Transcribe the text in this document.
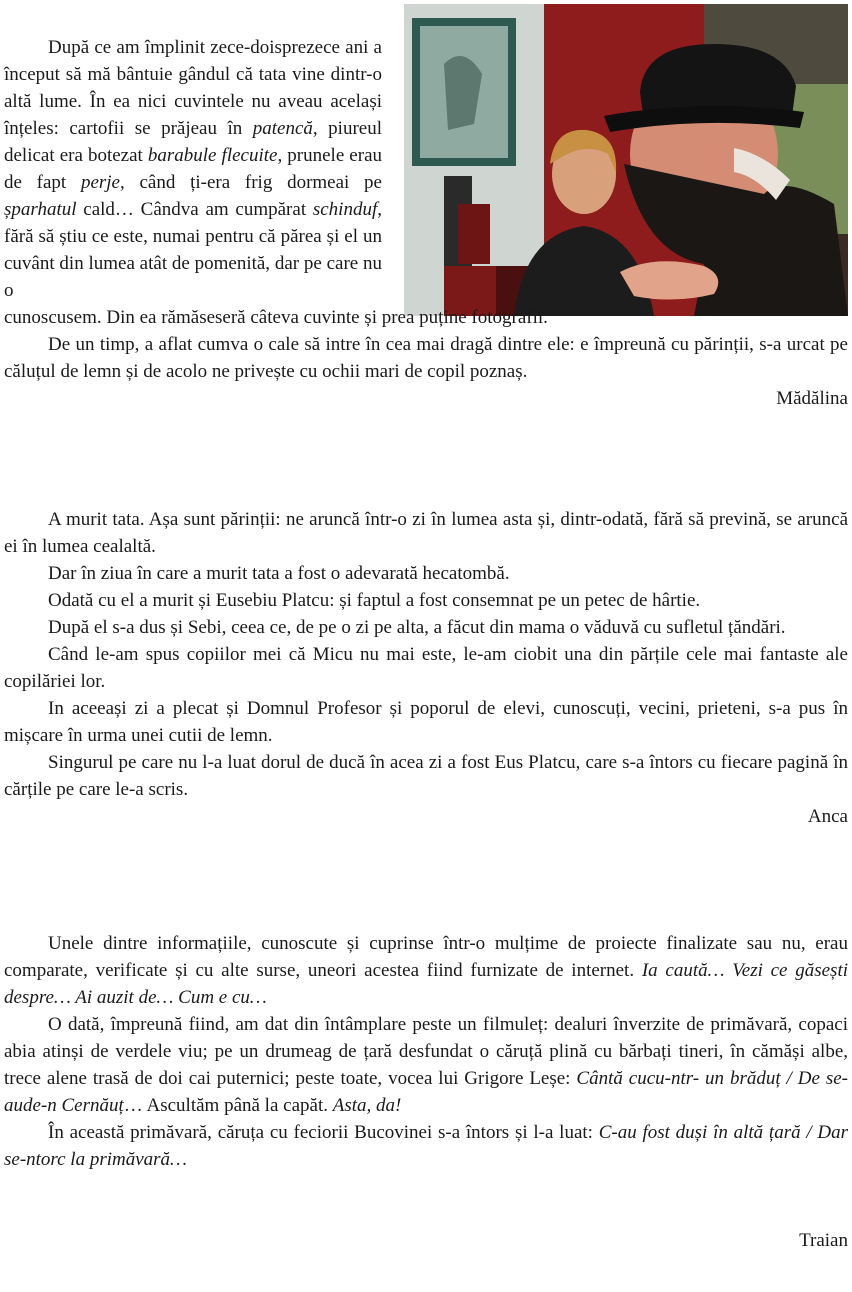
După ce am împlinit zece-doisprezece ani a început să mă bântuie gândul că tata vine dintr-o altă lume. În ea nici cuvintele nu aveau același înțeles: cartofii se prăjeau în patencă, piureul delicat era botezat barabule flecuite, prunele erau de fapt perje, când ți-era frig dormeai pe șparhatul cald… Cândva am cumpărat schinduf, fără să știu ce este, numai pentru că părea și el un cuvânt din lumea atât de pomenită, dar pe care nu o

cunoscusem. Din ea rămăseseră câteva cuvinte și prea puține fotografii.

De un timp, a aflat cumva o cale să intre în cea mai dragă dintre ele: e împreună cu părinții, s-a urcat pe căluțul de lemn și de acolo ne privește cu ochii mari de copil poznaș.

Mădălina

A murit tata. Așa sunt părinții: ne aruncă într-o zi în lumea asta și, dintr-odată, fără să prevină, se aruncă ei în lumea cealaltă.

Dar în ziua în care a murit tata a fost o adevarată hecatombă.

Odată cu el a murit și Eusebiu Platcu: și faptul a fost consemnat pe un petec de hârtie.

După el s-a dus și Sebi, ceea ce, de pe o zi pe alta, a făcut din mama o văduvă cu sufletul țăndări.

Când le-am spus copiilor mei că Micu nu mai este, le-am ciobit una din părțile cele mai fantaste ale copilăriei lor.

In aceeași zi a plecat și Domnul Profesor și poporul de elevi, cunoscuți, vecini, prieteni, s-a pus în mișcare în urma unei cutii de lemn.

Singurul pe care nu l-a luat dorul de ducă în acea zi a fost Eus Platcu, care s-a întors cu fiecare pagină în cărțile pe care le-a scris.

Anca

Unele dintre informațiile, cunoscute și cuprinse într-o mulțime de proiecte finalizate sau nu, erau comparate, verificate și cu alte surse, uneori acestea fiind furnizate de internet. Ia caută… Vezi ce găsești despre… Ai auzit de… Cum e cu…

O dată, împreună fiind, am dat din întâmplare peste un filmuleț: dealuri înverzite de primăvară, copaci abia atinși de verdele viu; pe un drumeag de țară desfundat o căruță plină cu bărbați tineri, în cămăși albe, trece alene trasă de doi cai puternici; peste toate, vocea lui Grigore Leșe: Cântă cucu-ntr- un brăduț / De se-aude-n Cernăuț… Ascultăm până la capăt. Asta, da!

În această primăvară, căruța cu feciorii Bucovinei s-a întors și l-a luat: C-au fost duși în altă țară / Dar se-ntorc la primăvară…

Traian
